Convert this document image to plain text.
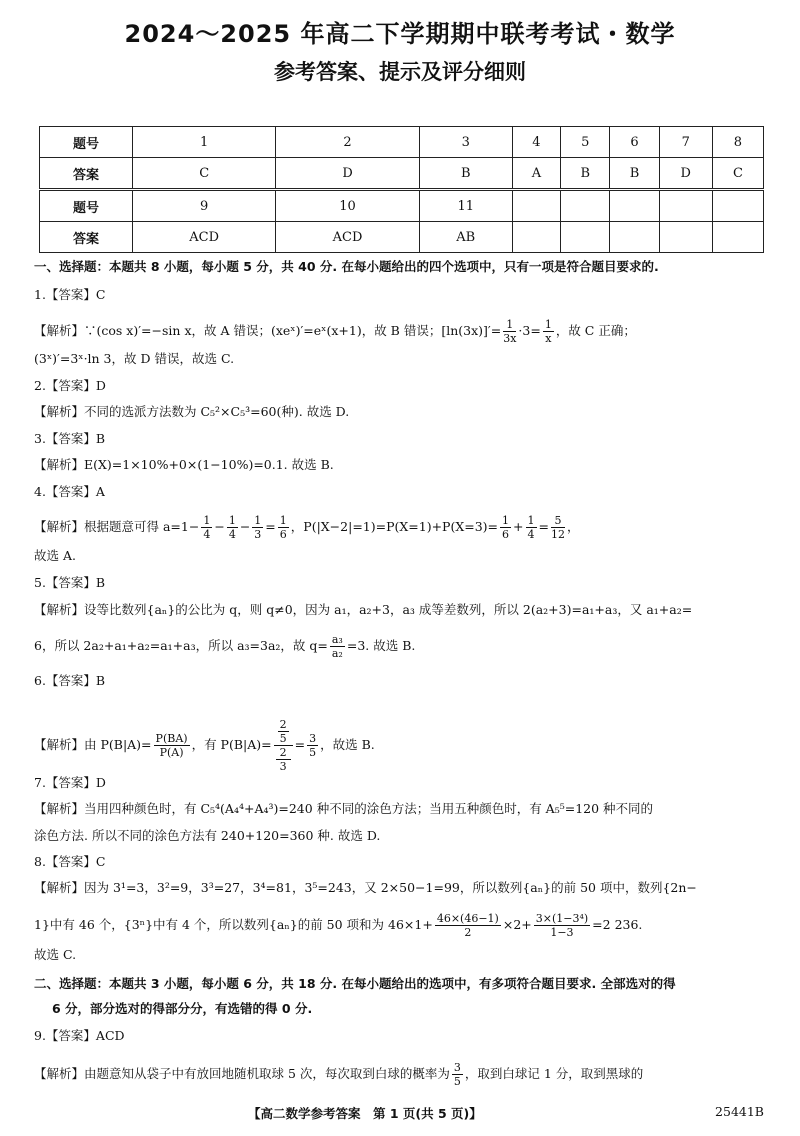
2024～2025 年高二下学期期中联考考试・数学
参考答案、提示及评分细则
题号	1	2	3	4	5	6	7	8
答案	C	D	B	A	B	B	D	C
题号	9	10	11					
答案	ACD	ACD	AB					
一、选择题：本题共 8 小题，每小题 5 分，共 40 分. 在每小题给出的四个选项中，只有一项是符合题目要求的.
1.【答案】C
【解析】∵(cos x)′=−sin x，故 A 错误；(xeˣ)′=eˣ(x+1)，故 B 错误；$[\ln(3x)]'= \frac{1}{3x} \cdot 3= \frac{1}{x}$ ，故 C 正确；
(3ˣ)′=3ˣ·ln 3，故 D 错误，故选 C.
2.【答案】D
【解析】不同的选派方法数为 C₅²×C₅³=60(种). 故选 D.
3.【答案】B
【解析】E(X)=1×10%+0×(1−10%)=0.1. 故选 B.
4.【答案】A
【解析】根据题意可得 $a=1- \frac{1}{4} - \frac{1}{4} - \frac{1}{3} = \frac{1}{6}$ ，$P(|X-2|=1)=P(X=1)+P(X=3)= \frac{1}{6} + \frac{1}{4} = \frac{5}{12}$ ，
故选 A.
5.【答案】B
【解析】设等比数列{aₙ}的公比为 q，则 q≠0，因为 a₁，a₂+3，a₃ 成等差数列，所以 2(a₂+3)=a₁+a₃，又 a₁+a₂=
6，所以 2a₂+a₁+a₂=a₁+a₃，所以 a₃=3a₂，故 $q= \frac{\text{a₃}}{\text{a₂}} =3$. 故选 B.
6.【答案】B
【解析】由 $P(B|A)= \frac{P(BA)}{P(A)}$ ，有 P(B|A)= 2
5
2
$3 = \frac{3}{5}$ ，故选 B.
7.【答案】D
【解析】当用四种颜色时，有 C₅⁴(A₄⁴+A₄³)=240 种不同的涂色方法；当用五种颜色时，有 A₅⁵=120 种不同的
涂色方法. 所以不同的涂色方法有 240+120=360 种. 故选 D.
8.【答案】C
【解析】因为 3¹=3，3²=9，3³=27，3⁴=81，3⁵=243，又 2×50−1=99，所以数列{aₙ}的前 50 项中，数列{2n−
1}中有 46 个，{3ⁿ}中有 4 个，所以数列{aₙ}的前 50 项和为 $46\times 1+ \frac{46\times(46-1)}{2} \times 2+ \frac{\text{3×(1−3⁴)}}{1-3} =2$ 236.
故选 C.
二、选择题：本题共 3 小题，每小题 6 分，共 18 分. 在每小题给出的选项中，有多项符合题目要求. 全部选对的得
6 分，部分选对的得部分分，有选错的得 0 分.
9.【答案】ACD
【解析】由题意知从袋子中有放回地随机取球 5 次，每次取到白球的概率为 $\frac{3}{5}$ ，取到白球记 1 分，取到黑球的
【高二数学参考答案　第 1 页(共 5 页)】	25441B
